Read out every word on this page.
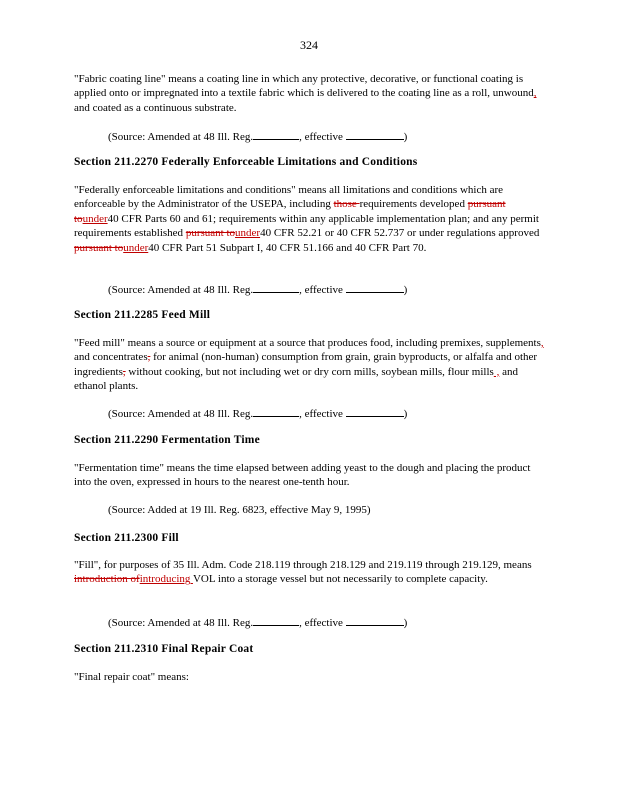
324
"Fabric coating line" means a coating line in which any protective, decorative, or functional coating is applied onto or impregnated into a textile fabric which is delivered to the coating line as a roll, unwound, and coated as a continuous substrate.
(Source: Amended at 48 Ill. Reg.	, effective	)
Section 211.2270 Federally Enforceable Limitations and Conditions
"Federally enforceable limitations and conditions" means all limitations and conditions which are enforceable by the Administrator of the USEPA, including those requirements developed pursuant tounder40 CFR Parts 60 and 61; requirements within any applicable implementation plan; and any permit requirements established pursuant tounder40 CFR 52.21 or 40 CFR 52.737 or under regulations approved pursuant tounder40 CFR Part 51 Subpart I, 40 CFR 51.166 and 40 CFR Part 70.
(Source: Amended at 48 Ill. Reg.	, effective	)
Section 211.2285 Feed Mill
"Feed mill" means a source or equipment at a source that produces food, including premixes, supplements, and concentrates, for animal (non-human) consumption from grain, grain byproducts, or alfalfa and other ingredients, without cooking, but not including wet or dry corn mills, soybean mills, flour mills , and ethanol plants.
(Source: Amended at 48 Ill. Reg.	, effective	)
Section 211.2290 Fermentation Time
"Fermentation time" means the time elapsed between adding yeast to the dough and placing the product into the oven, expressed in hours to the nearest one-tenth hour.
(Source: Added at 19 Ill. Reg. 6823, effective May 9, 1995)
Section 211.2300 Fill
"Fill", for purposes of 35 Ill. Adm. Code 218.119 through 218.129 and 219.119 through 219.129, means introduction ofintroducing VOL into a storage vessel but not necessarily to complete capacity.
(Source: Amended at 48 Ill. Reg.	, effective	)
Section 211.2310 Final Repair Coat
"Final repair coat" means:
